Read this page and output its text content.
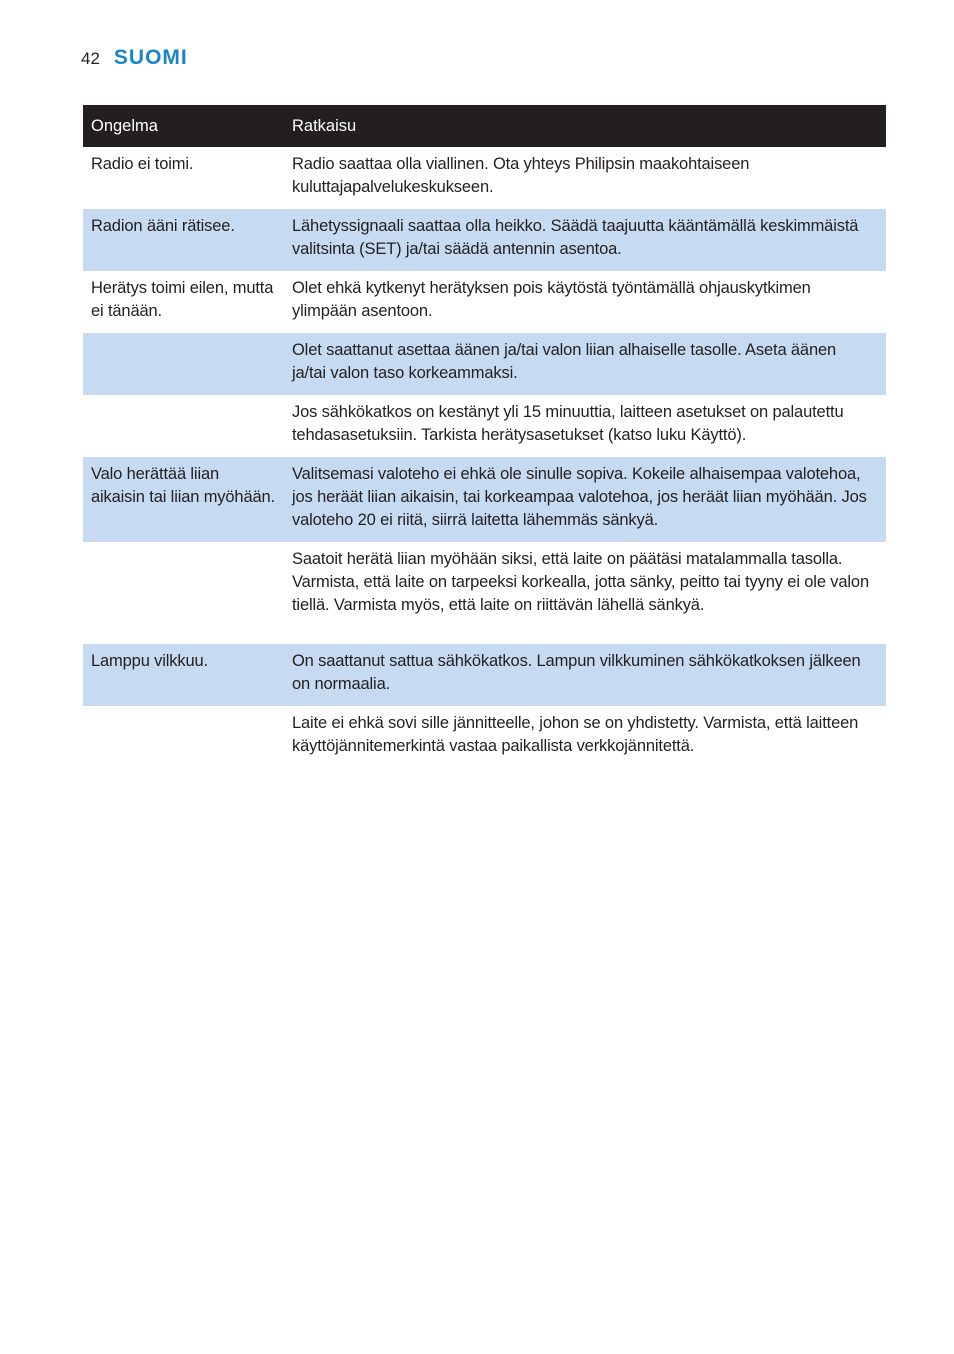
42 SUOMI
Ongelma	Ratkaisu
Radio ei toimi.	Radio saattaa olla viallinen. Ota yhteys Philipsin maakohtaiseen kuluttajapalvelukeskukseen.
Radion ääni rätisee.	Lähetyssignaali saattaa olla heikko. Säädä taajuutta kääntämällä keskimmäistä valitsinta (SET) ja/tai säädä antennin asentoa.
Herätys toimi eilen, mutta ei tänään.	Olet ehkä kytkenyt herätyksen pois käytöstä työntämällä ohjauskytkimen ylimpään asentoon.
	Olet saattanut asettaa äänen ja/tai valon liian alhaiselle tasolle. Aseta äänen ja/tai valon taso korkeammaksi.
	Jos sähkökatkos on kestänyt yli 15 minuuttia, laitteen asetukset on palautettu tehdasasetuksiin. Tarkista herätysasetukset (katso luku Käyttö).
Valo herättää liian aikaisin tai liian myöhään.	Valitsemasi valoteho ei ehkä ole sinulle sopiva. Kokeile alhaisempaa valotehoa, jos heräät liian aikaisin, tai korkeampaa valotehoa, jos heräät liian myöhään. Jos valoteho 20 ei riitä, siirrä laitetta lähemmäs sänkyä.
	Saatoit herätä liian myöhään siksi, että laite on päätäsi matalammalla tasolla. Varmista, että laite on tarpeeksi korkealla, jotta sänky, peitto tai tyyny ei ole valon tiellä. Varmista myös, että laite on riittävän lähellä sänkyä.
Lamppu vilkkuu.	On saattanut sattua sähkökatkos. Lampun vilkkuminen sähkökatkoksen jälkeen on normaalia.
	Laite ei ehkä sovi sille jännitteelle, johon se on yhdistetty. Varmista, että laitteen käyttöjännitemerkintä vastaa paikallista verkkojännitettä.
